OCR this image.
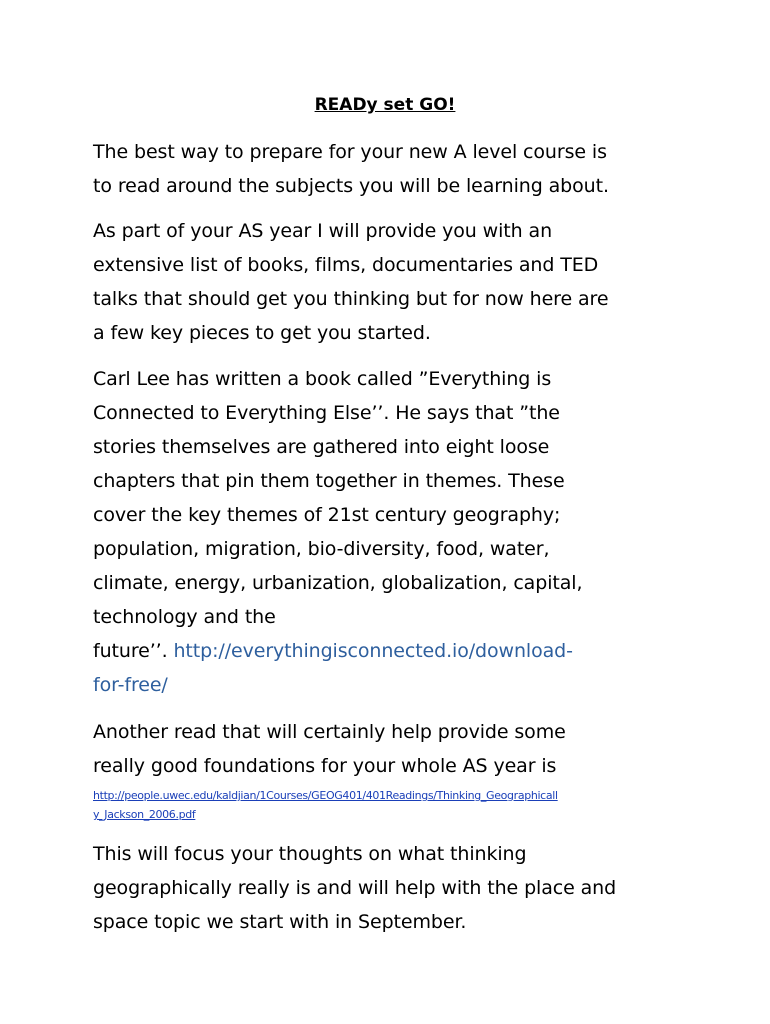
READy set GO!

The best way to prepare for your new A level course is
to read around the subjects you will be learning about.

As part of your AS year I will provide you with an
extensive list of books, films, documentaries and TED
talks that should get you thinking but for now here are
a few key pieces to get you started.

Carl Lee has written a book called ”Everything is
Connected to Everything Else’’. He says that ”the
stories themselves are gathered into eight loose
chapters that pin them together in themes. These
cover the key themes of 21st century geography;
population, migration, bio-diversity, food, water,
climate, energy, urbanization, globalization, capital,
technology and the
future’’. http://everythingisconnected.io/download-
for-free/

Another read that will certainly help provide some
really good foundations for your whole AS year is

http://people.uwec.edu/kaldjian/1Courses/GEOG401/401Readings/Thinking_Geographicall
y_Jackson_2006.pdf

This will focus your thoughts on what thinking
geographically really is and will help with the place and
space topic we start with in September.
